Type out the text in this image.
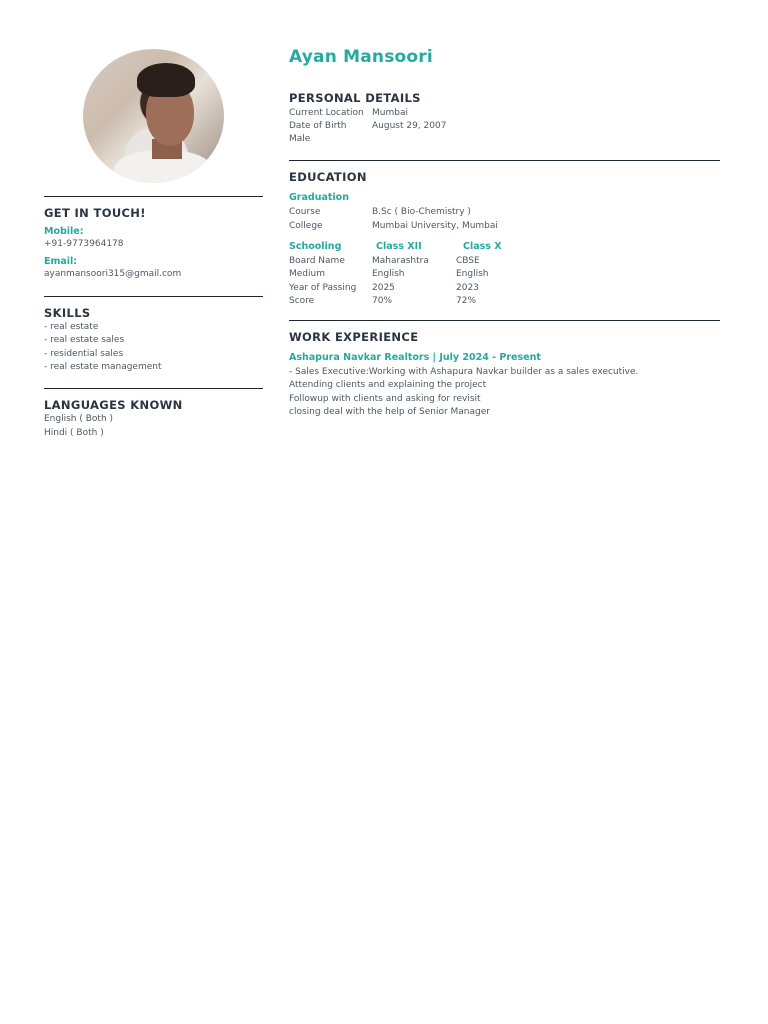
GET IN TOUCH!

Mobile:

+91-9773964178

Email:

ayanmansoori315@gmail.com

SKILLS
- real estate
- real estate sales
- residential sales
- real estate management
LANGUAGES KNOWN

English ( Both )

Hindi ( Both )

Ayan Mansoori
PERSONAL DETAILS

Current Location Mumbai

Date of Birth	August 29, 2007

Male

EDUCATION

Graduation

Course	B.Sc ( Bio-Chemistry )

College	Mumbai University, Mumbai

Schooling	Class XII	Class X
Board Name	Maharashtra	CBSE
Medium	English	English
Year of Passing	2025	2023
Score	70%	72%
WORK EXPERIENCE

Ashapura Navkar Realtors | July 2024 - Present

- Sales Executive:Working with Ashapura Navkar builder as a sales executive.

Attending clients and explaining the project

Followup with clients and asking for revisit

closing deal with the help of Senior Manager
